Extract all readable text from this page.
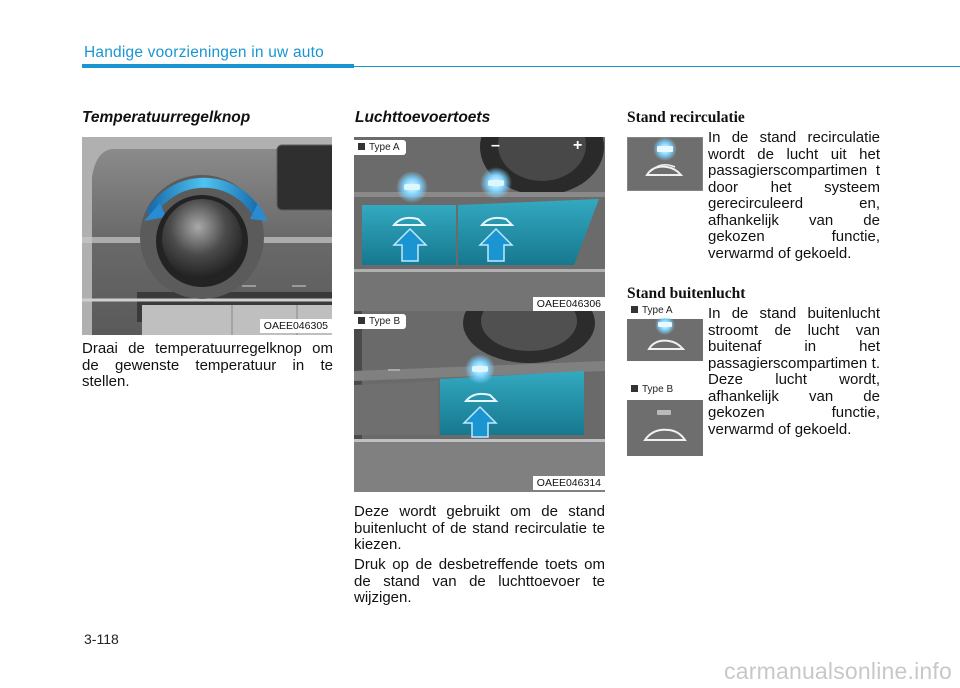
Handige voorzieningen in uw auto
Temperatuurregelknop
OAEE046305
Draai de temperatuurregelknop om de gewenste temperatuur in te stellen.
Luchttoevoertoets
Type A	–	+
OAEE046306
Type B
OAEE046314
Deze wordt gebruikt om de stand buitenlucht of de stand recirculatie te kiezen.
Druk op de desbetreffende toets om de stand van de luchttoevoer te wijzigen.
Stand recirculatie
In de stand recirculatie wordt de lucht uit het passagierscompartimen t door het systeem gerecirculeerd en, afhankelijk van de gekozen functie, verwarmd of gekoeld.
Stand buitenlucht
Type A
Type B
In de stand buitenlucht stroomt de lucht van buitenaf in het passagierscompartimen t. Deze lucht wordt, afhankelijk van de gekozen functie, verwarmd of gekoeld.
3-118
carmanualsonline.info
